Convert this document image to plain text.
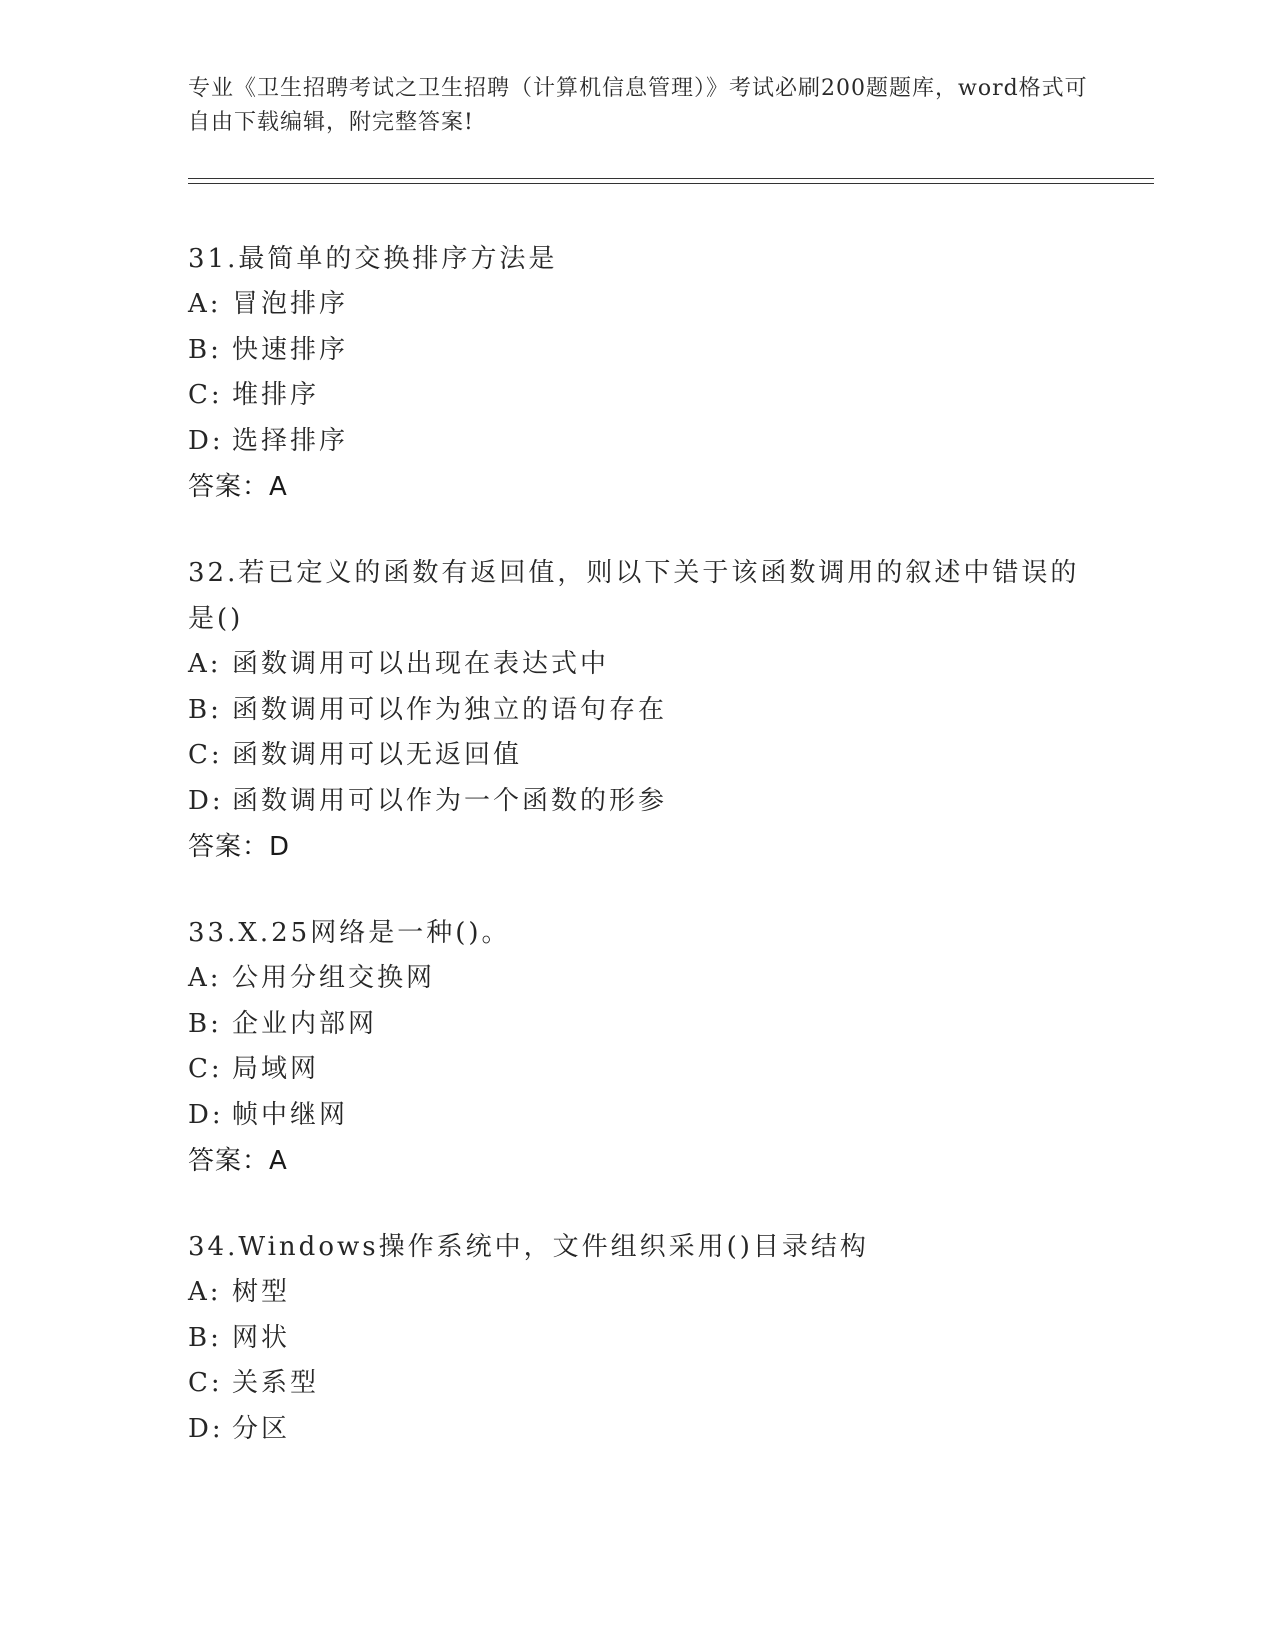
专业《卫生招聘考试之卫生招聘（计算机信息管理）》考试必刷200题题库，word格式可自由下载编辑，附完整答案!
31.最简单的交换排序方法是
A: 冒泡排序
B: 快速排序
C: 堆排序
D: 选择排序
答案：A
32.若已定义的函数有返回值，则以下关于该函数调用的叙述中错误的是()
A: 函数调用可以出现在表达式中
B: 函数调用可以作为独立的语句存在
C: 函数调用可以无返回值
D: 函数调用可以作为一个函数的形参
答案：D
33.X.25网络是一种()。
A: 公用分组交换网
B: 企业内部网
C: 局域网
D: 帧中继网
答案：A
34.Windows操作系统中，文件组织采用()目录结构
A: 树型
B: 网状
C: 关系型
D: 分区
